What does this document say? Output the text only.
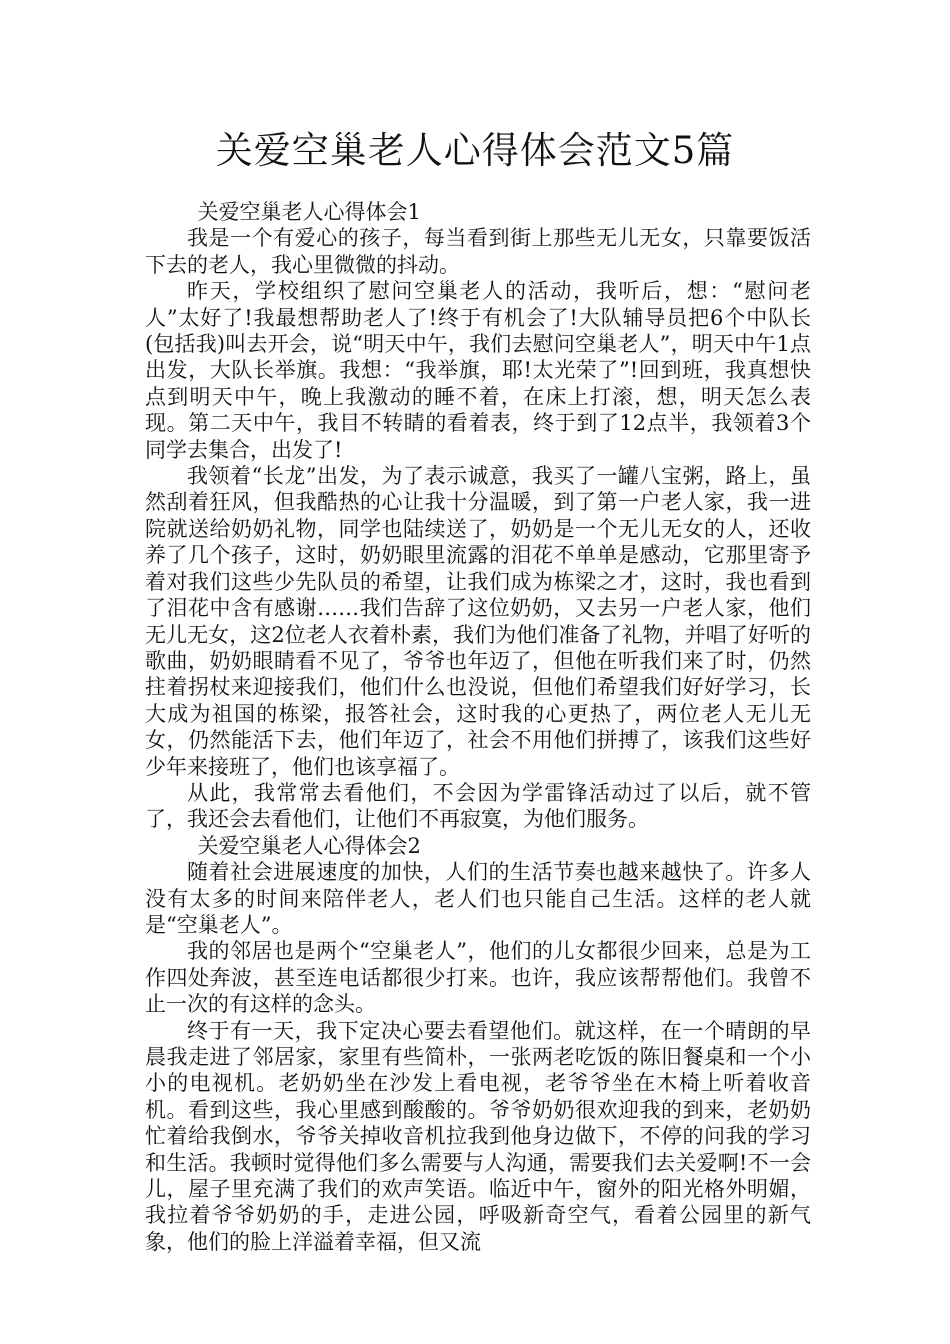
关爱空巢老人心得体会范文5篇

关爱空巢老人心得体会1

我是一个有爱心的孩子，每当看到街上那些无儿无女，只靠要饭活下去的老人，我心里微微的抖动。

昨天，学校组织了慰问空巢老人的活动，我听后，想：“慰问老人”太好了!我最想帮助老人了!终于有机会了!大队辅导员把6个中队长(包括我)叫去开会，说“明天中午，我们去慰问空巢老人”，明天中午1点出发，大队长举旗。我想：“我举旗，耶!太光荣了”!回到班，我真想快点到明天中午，晚上我激动的睡不着，在床上打滚，想，明天怎么表现。第二天中午，我目不转睛的看着表，终于到了12点半，我领着3个同学去集合，出发了!

我领着“长龙”出发，为了表示诚意，我买了一罐八宝粥，路上，虽然刮着狂风，但我酷热的心让我十分温暖，到了第一户老人家，我一进院就送给奶奶礼物，同学也陆续送了，奶奶是一个无儿无女的人，还收养了几个孩子，这时，奶奶眼里流露的泪花不单单是感动，它那里寄予着对我们这些少先队员的希望，让我们成为栋梁之才，这时，我也看到了泪花中含有感谢……我们告辞了这位奶奶，又去另一户老人家，他们无儿无女，这2位老人衣着朴素，我们为他们准备了礼物，并唱了好听的歌曲，奶奶眼睛看不见了，爷爷也年迈了，但他在听我们来了时，仍然拄着拐杖来迎接我们，他们什么也没说，但他们希望我们好好学习，长大成为祖国的栋梁，报答社会，这时我的心更热了，两位老人无儿无女，仍然能活下去，他们年迈了，社会不用他们拼搏了，该我们这些好少年来接班了，他们也该享福了。

从此，我常常去看他们，不会因为学雷锋活动过了以后，就不管了，我还会去看他们，让他们不再寂寞，为他们服务。

关爱空巢老人心得体会2

随着社会进展速度的加快，人们的生活节奏也越来越快了。许多人没有太多的时间来陪伴老人，老人们也只能自己生活。这样的老人就是“空巢老人”。

我的邻居也是两个“空巢老人”，他们的儿女都很少回来，总是为工作四处奔波，甚至连电话都很少打来。也许，我应该帮帮他们。我曾不止一次的有这样的念头。

终于有一天，我下定决心要去看望他们。就这样，在一个晴朗的早晨我走进了邻居家，家里有些简朴，一张两老吃饭的陈旧餐桌和一个小小的电视机。老奶奶坐在沙发上看电视，老爷爷坐在木椅上听着收音机。看到这些，我心里感到酸酸的。爷爷奶奶很欢迎我的到来，老奶奶忙着给我倒水，爷爷关掉收音机拉我到他身边做下，不停的问我的学习和生活。我顿时觉得他们多么需要与人沟通，需要我们去关爱啊!不一会儿，屋子里充满了我们的欢声笑语。临近中午，窗外的阳光格外明媚，我拉着爷爷奶奶的手，走进公园，呼吸新奇空气，看着公园里的新气象，他们的脸上洋溢着幸福，但又流
